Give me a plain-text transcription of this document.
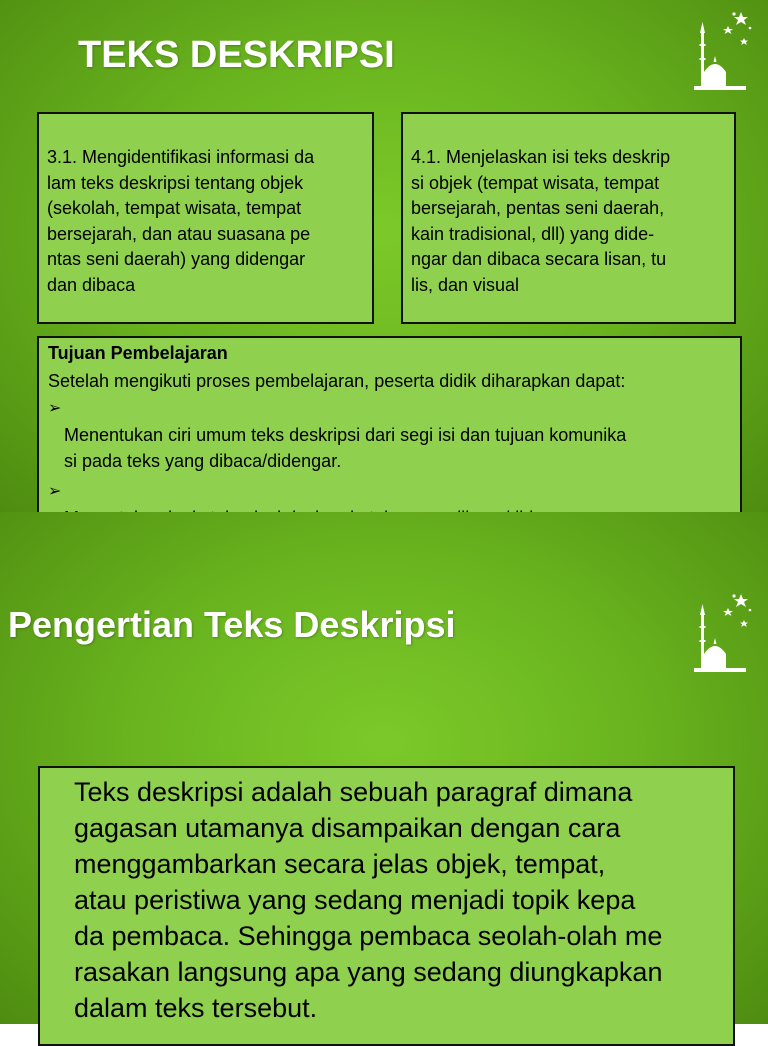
TEKS DESKRIPSI

3.1. Mengidentifikasi informasi da
lam teks deskripsi tentang objek
(sekolah, tempat wisata, tempat
bersejarah, dan atau suasana pe
ntas seni daerah) yang didengar
dan dibaca

4.1. Menjelaskan isi teks deskrip
si objek (tempat wisata, tempat
bersejarah, pentas seni daerah,
kain tradisional, dll) yang dide-
ngar dan dibaca secara lisan, tu
lis, dan visual

Tujuan Pembelajaran

Setelah mengikuti proses pembelajaran, peserta didik diharapkan dapat:

➢
Menentukan ciri umum teks deskripsi dari segi isi dan tujuan komunika
si pada teks yang dibaca/didengar.

➢

Pengertian Teks Deskripsi

Teks deskripsi adalah sebuah paragraf dimana
gagasan utamanya disampaikan dengan cara
menggambarkan secara jelas objek, tempat,
atau peristiwa yang sedang menjadi topik kepa
da pembaca. Sehingga pembaca seolah-olah me
rasakan langsung apa yang sedang diungkapkan
dalam teks tersebut.
